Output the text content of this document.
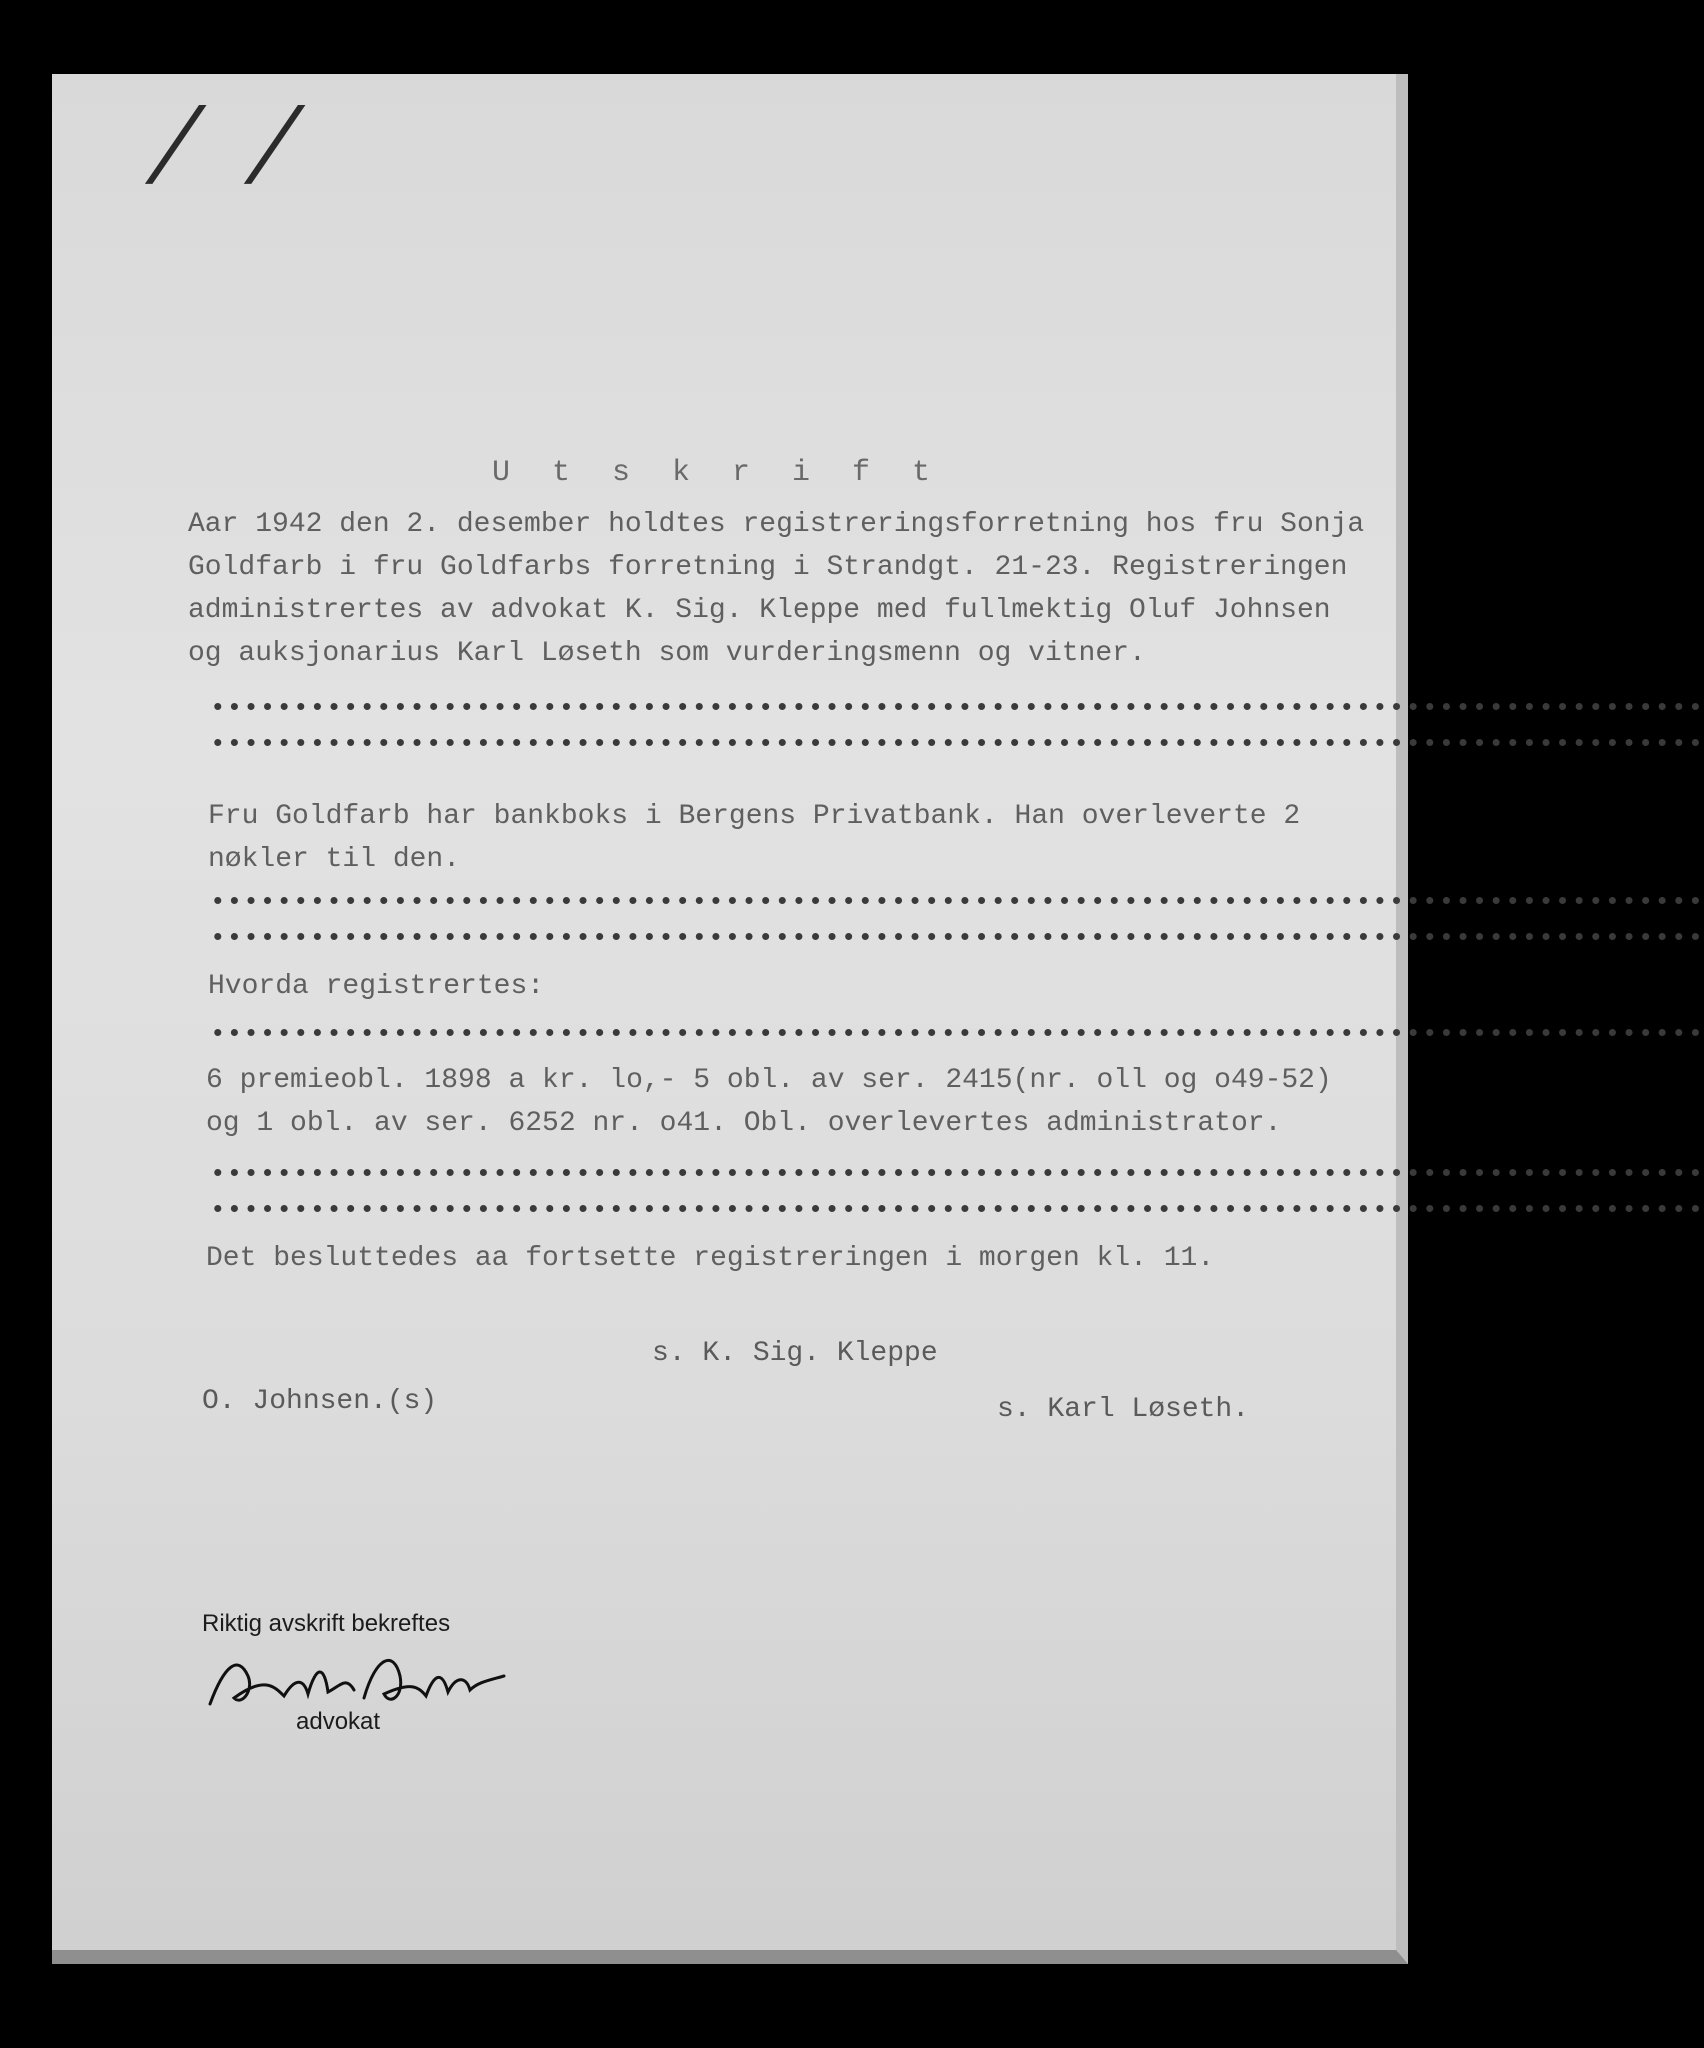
/ /
U t s k r i f t
Aar 1942 den 2. desember holdtes registreringsforretning hos fru Sonja
Goldfarb i fru Goldfarbs forretning i Strandgt. 21-23. Registreringen
administrertes av advokat K. Sig. Kleppe med fullmektig Oluf Johnsen
og auksjonarius Karl Løseth som vurderingsmenn og vitner.
••••••••••••••••••••••••••••••••••••••••••••••••••••••••••••••••••••••••••••••••••••••••••
••••••••••••••••••••••••••••••••••••••••••••••••••••••••••••••••••••••••••••••••••••••••••
Fru Goldfarb har bankboks i Bergens Privatbank. Han overleverte 2
nøkler til den.
••••••••••••••••••••••••••••••••••••••••••••••••••••••••••••••••••••••••••••••••••••••••••
••••••••••••••••••••••••••••••••••••••••••••••••••••••••••••••••••••••••••••••••••••••••••
Hvorda registrertes:
••••••••••••••••••••••••••••••••••••••••••••••••••••••••••••••••••••••••••••••••••••••••••
6 premieobl. 1898 a kr. lo,- 5 obl. av ser. 2415(nr. oll og o49-52)
og 1 obl. av ser. 6252 nr. o41. Obl. overlevertes administrator.
••••••••••••••••••••••••••••••••••••••••••••••••••••••••••••••••••••••••••••••••••••••••••
••••••••••••••••••••••••••••••••••••••••••••••••••••••••••••••••••••••••••••••••••••••••••
Det besluttedes aa fortsette registreringen i morgen kl. 11.
O. Johnsen.(s)
s. K. Sig. Kleppe
s. Karl Løseth.
Riktig avskrift bekreftes
advokat
